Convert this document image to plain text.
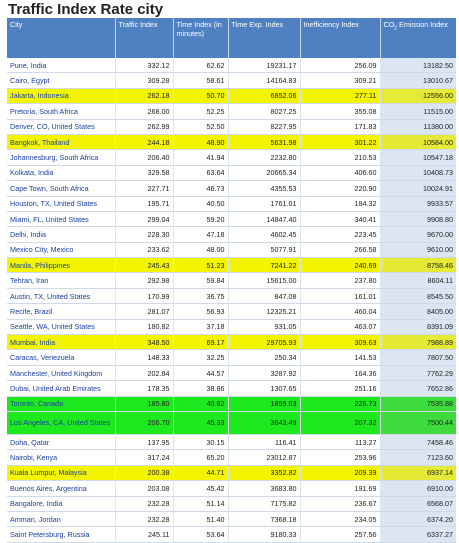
Traffic Index Rate city
City	Traffic Index	Time Index (in minutes)	Time Exp. Index	Inefficiency Index	$CO_2$ Emission Index
Pune, India	332.12	62.62	19231.17	256.09	13182.50
Cairo, Egypt	309.28	58.61	14164.83	309.21	13010.67
Jakarta, Indonesia	262.18	50.70	6852.06	277.11	12556.00
Pretoria, South Africa	268.00	52.25	8027.25	355.08	11515.00
Denver, CO, United States	262.99	52.50	8227.95	171.83	11380.00
Bangkok, Thailand	244.18	48.90	5631.98	301.22	10584.00
Johannesburg, South Africa	206.40	41.94	2232.80	210.53	10547.18
Kolkata, India	329.58	63.64	20665.34	406.60	10408.73
Cape Town, South Africa	227.71	46.73	4355.53	220.90	10024.91
Houston, TX, United States	195.71	40.50	1761.01	184.32	9933.57
Miami, FL, United States	299.04	59.20	14847.40	340.41	9908.80
Delhi, India	228.30	47.18	4602.45	223.45	9670.00
Mexico City, Mexico	233.62	48.00	5077.91	266.58	9610.00
Manila, Philippines	245.43	51.23	7241.22	240.69	8758.46
Tehran, Iran	292.98	59.84	15615.00	237.80	8604.11
Austin, TX, United States	170.99	36.75	847.08	161.01	8545.50
Recife, Brazil	281.07	56.93	12325.21	460.04	8405.00
Seattle, WA, United States	180.82	37.18	931.05	463.07	8391.09
Mumbai, India	348.50	69.17	29705.93	309.63	7988.89
Caracas, Venezuela	148.33	32.25	250.34	141.53	7807.50
Manchester, United Kingdom	202.84	44.57	3287.92	164.36	7762.29
Dubai, United Arab Emirates	178.35	38.86	1307.65	251.16	7652.86
Toronto, Canada	185.80	40.82	1859.03	226.73	7535.88
Los Angeles, CA, United States	206.70	45.33	3643.49	207.32	7500.44
Doha, Qatar	137.95	30.15	116.41	113.27	7458.46
Nairobi, Kenya	317.24	65.20	23012.87	253.96	7123.60
Kuala Lumpur, Malaysia	200.38	44.71	3352.82	209.39	6937.14
Buenos Aires, Argentina	203.08	45.42	3683.80	191.69	6910.00
Bangalore, India	232.28	51.14	7175.82	236.67	6568.07
Amman, Jordan	232.28	51.40	7368.18	234.05	6374.20
Saint Petersburg, Russia	245.11	53.64	9180.33	257.56	6337.27
